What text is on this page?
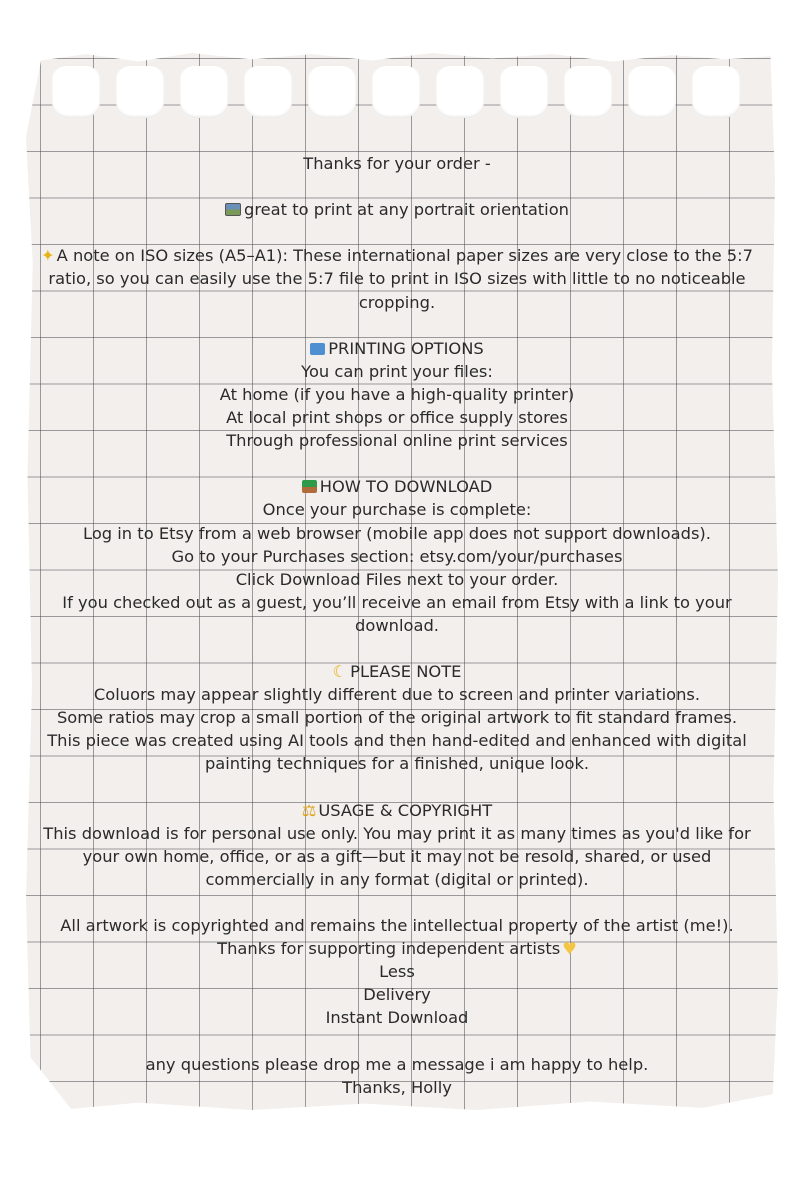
Thanks for your order -

great to print at any portrait orientation

✦ A note on ISO sizes (A5–A1): These international paper sizes are very close to the 5:7

ratio, so you can easily use the 5:7 file to print in ISO sizes with little to no noticeable

cropping.

PRINTING OPTIONS

You can print your files:

At home (if you have a high-quality printer)

At local print shops or office supply stores

Through professional online print services

HOW TO DOWNLOAD

Once your purchase is complete:

Log in to Etsy from a web browser (mobile app does not support downloads).

Go to your Purchases section: etsy.com/your/purchases

Click Download Files next to your order.

If you checked out as a guest, you’ll receive an email from Etsy with a link to your

download.

☾ PLEASE NOTE

Coluors may appear slightly different due to screen and printer variations.

Some ratios may crop a small portion of the original artwork to fit standard frames.

This piece was created using AI tools and then hand-edited and enhanced with digital

painting techniques for a finished, unique look.

⚖ USAGE & COPYRIGHT

This download is for personal use only. You may print it as many times as you'd like for

your own home, office, or as a gift—but it may not be resold, shared, or used

commercially in any format (digital or printed).

All artwork is copyrighted and remains the intellectual property of the artist (me!).

Thanks for supporting independent artists ♥

Less

Delivery

Instant Download

any questions please drop me a message i am happy to help.

Thanks, Holly
